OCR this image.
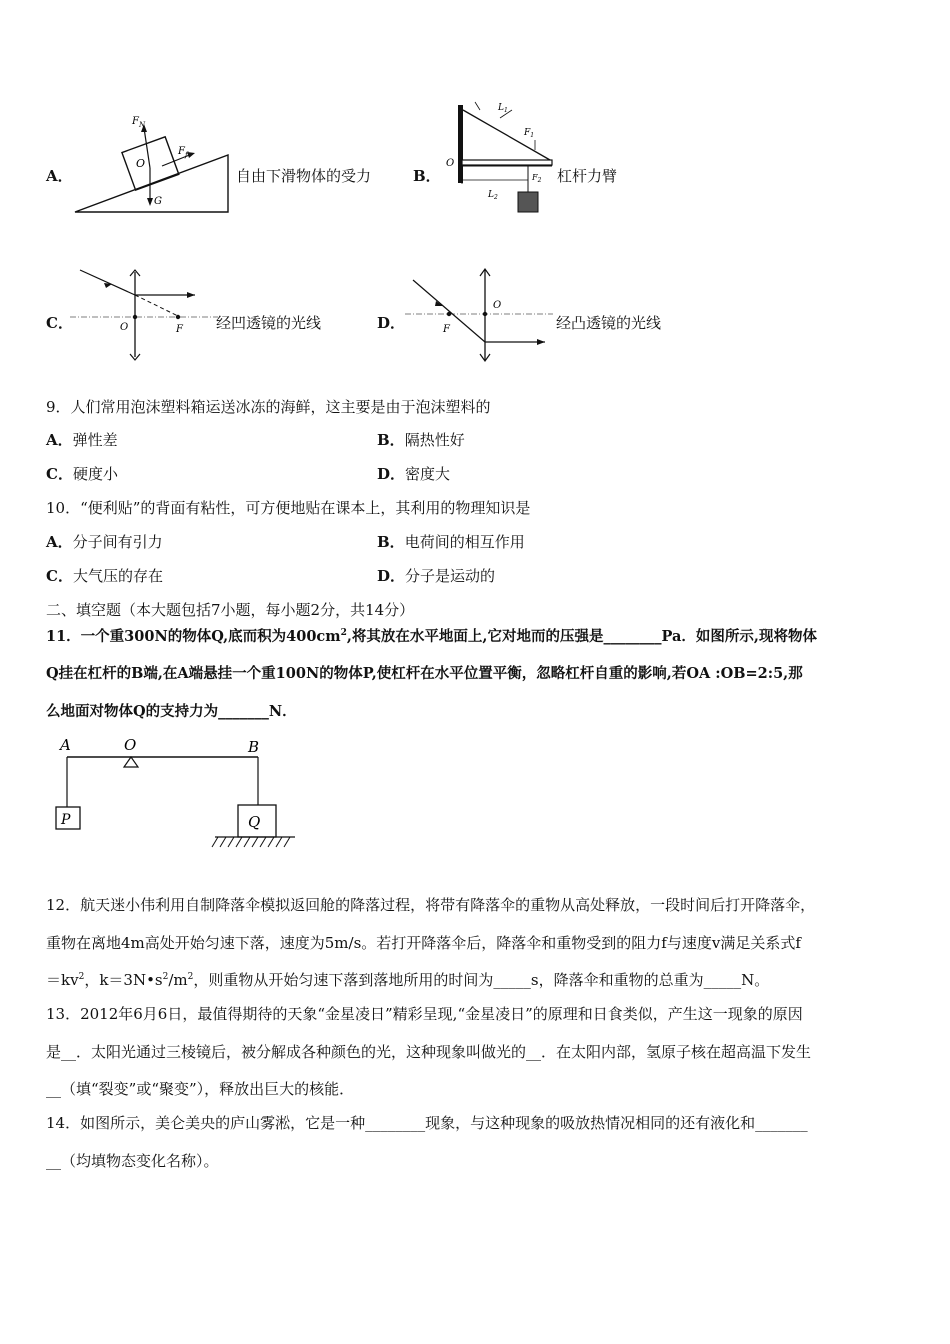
A．
$F_N$
$F_f$
O
G
自由下滑物体的受力	B．
$L_1$
$F_1$
O
$L_2$
$F_2$ 杠杆力臂
C．	O	F 经凹透镜的光线	D．
O
F	经凸透镜的光线
9．人们常用泡沫塑料箱运送冰冻的海鲜，这主要是由于泡沫塑料的
A．弹性差	B．隔热性好
C．硬度小	D．密度大
10．“便利贴”的背面有粘性，可方便地贴在课本上，其利用的物理知识是
A．分子间有引力	B．电荷间的相互作用
C．大气压的存在	D．分子是运动的
二、填空题（本大题包括7小题，每小题2分，共14分）
11．一个重300N的物体Q,底而积为$400cm^2$,将其放在水平地面上,它对地而的压强是________Pa．如图所示,现将物体
Q挂在杠杆的B端,在A端悬挂一个重100N的物体P,使杠杆在水平位置平衡，忽略杠杆自重的影响,若OA :OB=2:5,那
么地面对物体Q的支持力为_______N．
A	O	B
P	Q
12．航天迷小伟利用自制降落伞模拟返回舱的降落过程，将带有降落伞的重物从高处释放，一段时间后打开降落伞，
重物在离地4m高处开始匀速下落，速度为5m/s。若打开降落伞后，降落伞和重物受到的阻力f与速度v满足关系式f
$=kv^2$，$k=3N•s^2/m^2$，则重物从开始匀速下落到落地所用的时间为_____s，降落伞和重物的总重为_____N。
13．2012年6月6日，最值得期待的天象“金星凌日”精彩呈现,“金星凌日”的原理和日食类似，产生这一现象的原因
是__．太阳光通过三棱镜后，被分解成各种颜色的光，这种现象叫做光的__．在太阳内部，氢原子核在超高温下发生
__（填“裂变”或“聚变”），释放出巨大的核能．
14．如图所示，美仑美央的庐山雾淞，它是一种________现象，与这种现象的吸放热情况相同的还有液化和_______
__（均填物态变化名称）。
